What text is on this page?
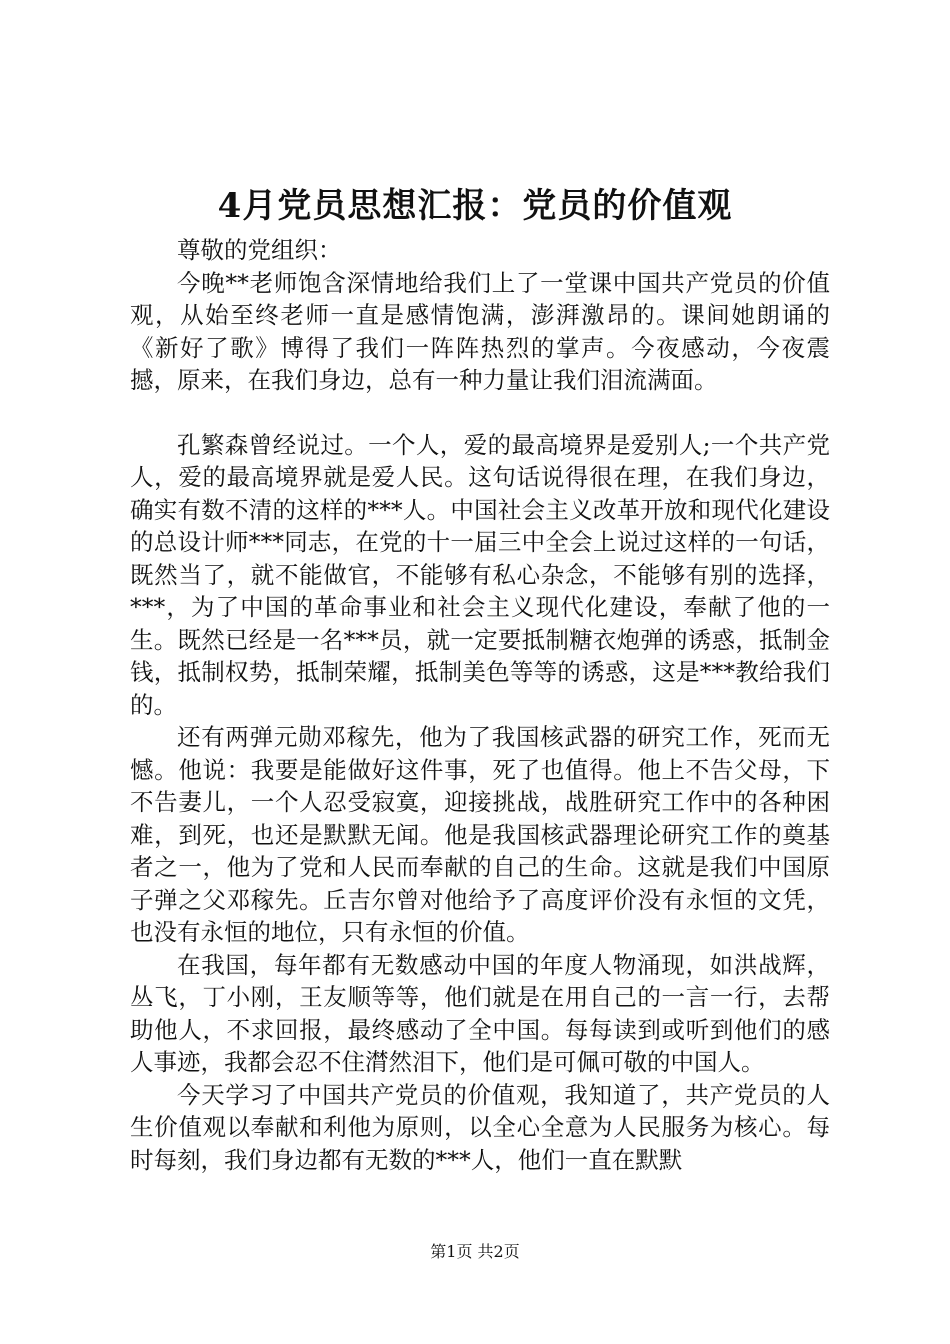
4月党员思想汇报：党员的价值观

尊敬的党组织：

今晚**老师饱含深情地给我们上了一堂课中国共产党员的价值观，从始至终老师一直是感情饱满，澎湃激昂的。课间她朗诵的《新好了歌》博得了我们一阵阵热烈的掌声。今夜感动，今夜震撼，原来，在我们身边，总有一种力量让我们泪流满面。

孔繁森曾经说过。一个人，爱的最高境界是爱别人;一个共产党人，爱的最高境界就是爱人民。这句话说得很在理，在我们身边，确实有数不清的这样的***人。中国社会主义改革开放和现代化建设的总设计师***同志，在党的十一届三中全会上说过这样的一句话，既然当了，就不能做官，不能够有私心杂念，不能够有别的选择，***，为了中国的革命事业和社会主义现代化建设，奉献了他的一生。既然已经是一名***员，就一定要抵制糖衣炮弹的诱惑，抵制金钱，抵制权势，抵制荣耀，抵制美色等等的诱惑，这是***教给我们的。

还有两弹元勋邓稼先，他为了我国核武器的研究工作，死而无憾。他说：我要是能做好这件事，死了也值得。他上不告父母，下不告妻儿，一个人忍受寂寞，迎接挑战，战胜研究工作中的各种困难，到死，也还是默默无闻。他是我国核武器理论研究工作的奠基者之一，他为了党和人民而奉献的自己的生命。这就是我们中国原子弹之父邓稼先。丘吉尔曾对他给予了高度评价没有永恒的文凭，也没有永恒的地位，只有永恒的价值。

在我国，每年都有无数感动中国的年度人物涌现，如洪战辉，丛飞，丁小刚，王友顺等等，他们就是在用自己的一言一行，去帮助他人，不求回报，最终感动了全中国。每每读到或听到他们的感人事迹，我都会忍不住潸然泪下，他们是可佩可敬的中国人。

今天学习了中国共产党员的价值观，我知道了，共产党员的人生价值观以奉献和利他为原则，以全心全意为人民服务为核心。每时每刻，我们身边都有无数的***人，他们一直在默默

第1页 共2页
